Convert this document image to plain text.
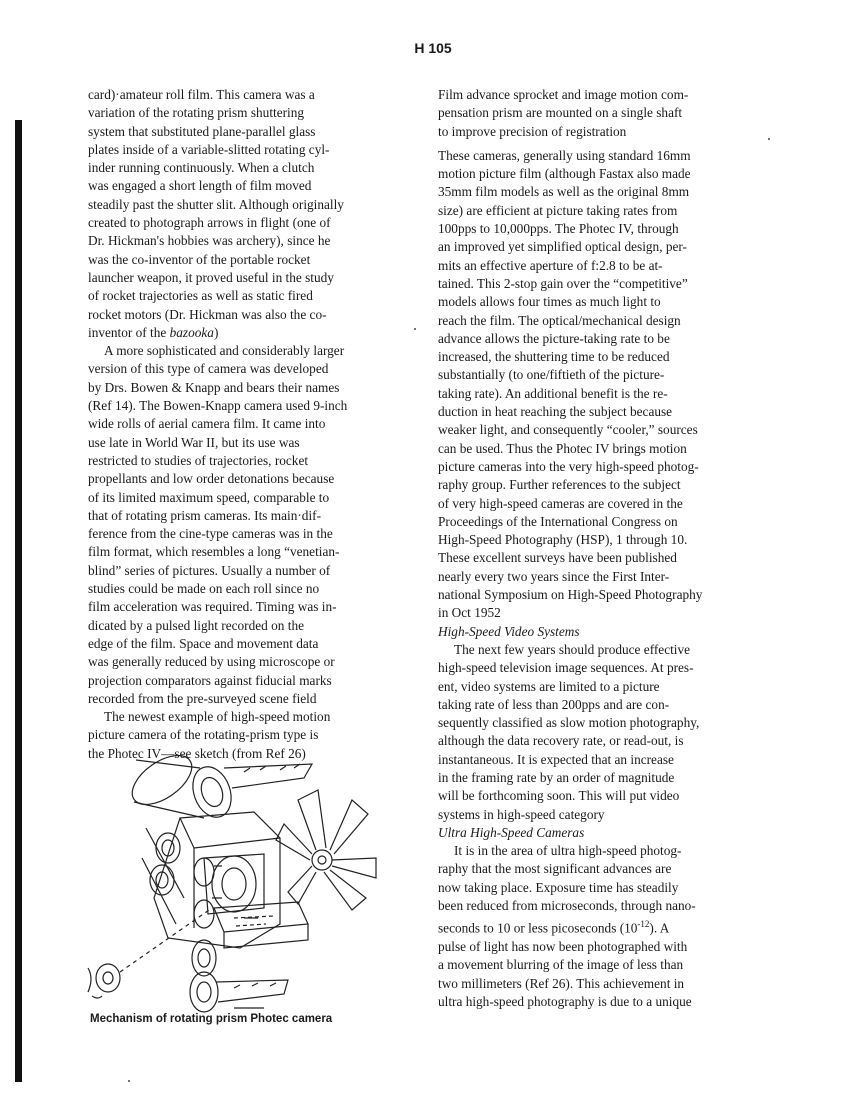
H 105

card)·amateur roll film. This camera was a
variation of the rotating prism shuttering
system that substituted plane-parallel glass
plates inside of a variable-slitted rotating cyl-
inder running continuously. When a clutch
was engaged a short length of film moved
steadily past the shutter slit. Although originally
created to photograph arrows in flight (one of
Dr. Hickman's hobbies was archery), since he
was the co-inventor of the portable rocket
launcher weapon, it proved useful in the study
of rocket trajectories as well as static fired
rocket motors (Dr. Hickman was also the co-

inventor of the bazooka)

A more sophisticated and considerably larger
version of this type of camera was developed
by Drs. Bowen & Knapp and bears their names
(Ref 14). The Bowen-Knapp camera used 9-inch
wide rolls of aerial camera film. It came into
use late in World War II, but its use was
restricted to studies of trajectories, rocket
propellants and low order detonations because
of its limited maximum speed, comparable to
that of rotating prism cameras. Its main·dif-
ference from the cine-type cameras was in the
film format, which resembles a long “venetian-
blind” series of pictures. Usually a number of
studies could be made on each roll since no
film acceleration was required. Timing was in-
dicated by a pulsed light recorded on the
edge of the film. Space and movement data
was generally reduced by using microscope or
projection comparators against fiducial marks
recorded from the pre-surveyed scene field

The newest example of high-speed motion
picture camera of the rotating-prism type is
the Photec IV—see sketch (from Ref 26)

Mechanism of rotating prism Photec camera

Film advance sprocket and image motion com-
pensation prism are mounted on a single shaft
to improve precision of registration

These cameras, generally using standard 16mm
motion picture film (although Fastax also made
35mm film models as well as the original 8mm
size) are efficient at picture taking rates from
100pps to 10,000pps. The Photec IV, through
an improved yet simplified optical design, per-
mits an effective aperture of f:2.8 to be at-
tained. This 2-stop gain over the “competitive”
models allows four times as much light to
reach the film. The optical/mechanical design
advance allows the picture-taking rate to be
increased, the shuttering time to be reduced
substantially (to one/fiftieth of the picture-
taking rate). An additional benefit is the re-
duction in heat reaching the subject because
weaker light, and consequently “cooler,” sources
can be used. Thus the Photec IV brings motion
picture cameras into the very high-speed photog-
raphy group. Further references to the subject
of very high-speed cameras are covered in the
Proceedings of the International Congress on
High-Speed Photography (HSP), 1 through 10.
These excellent surveys have been published
nearly every two years since the First Inter-
national Symposium on High-Speed Photography
in Oct 1952

High-Speed Video Systems

The next few years should produce effective
high-speed television image sequences. At pres-
ent, video systems are limited to a picture
taking rate of less than 200pps and are con-
sequently classified as slow motion photography,
although the data recovery rate, or read-out, is
instantaneous. It is expected that an increase
in the framing rate by an order of magnitude
will be forthcoming soon. This will put video
systems in high-speed category

Ultra High-Speed Cameras

It is in the area of ultra high-speed photog-
raphy that the most significant advances are
now taking place. Exposure time has steadily
been reduced from microseconds, through nano-

seconds to 10 or less picoseconds $(10^{-12})$. A

pulse of light has now been photographed with
a movement blurring of the image of less than
two millimeters (Ref 26). This achievement in
ultra high-speed photography is due to a unique
